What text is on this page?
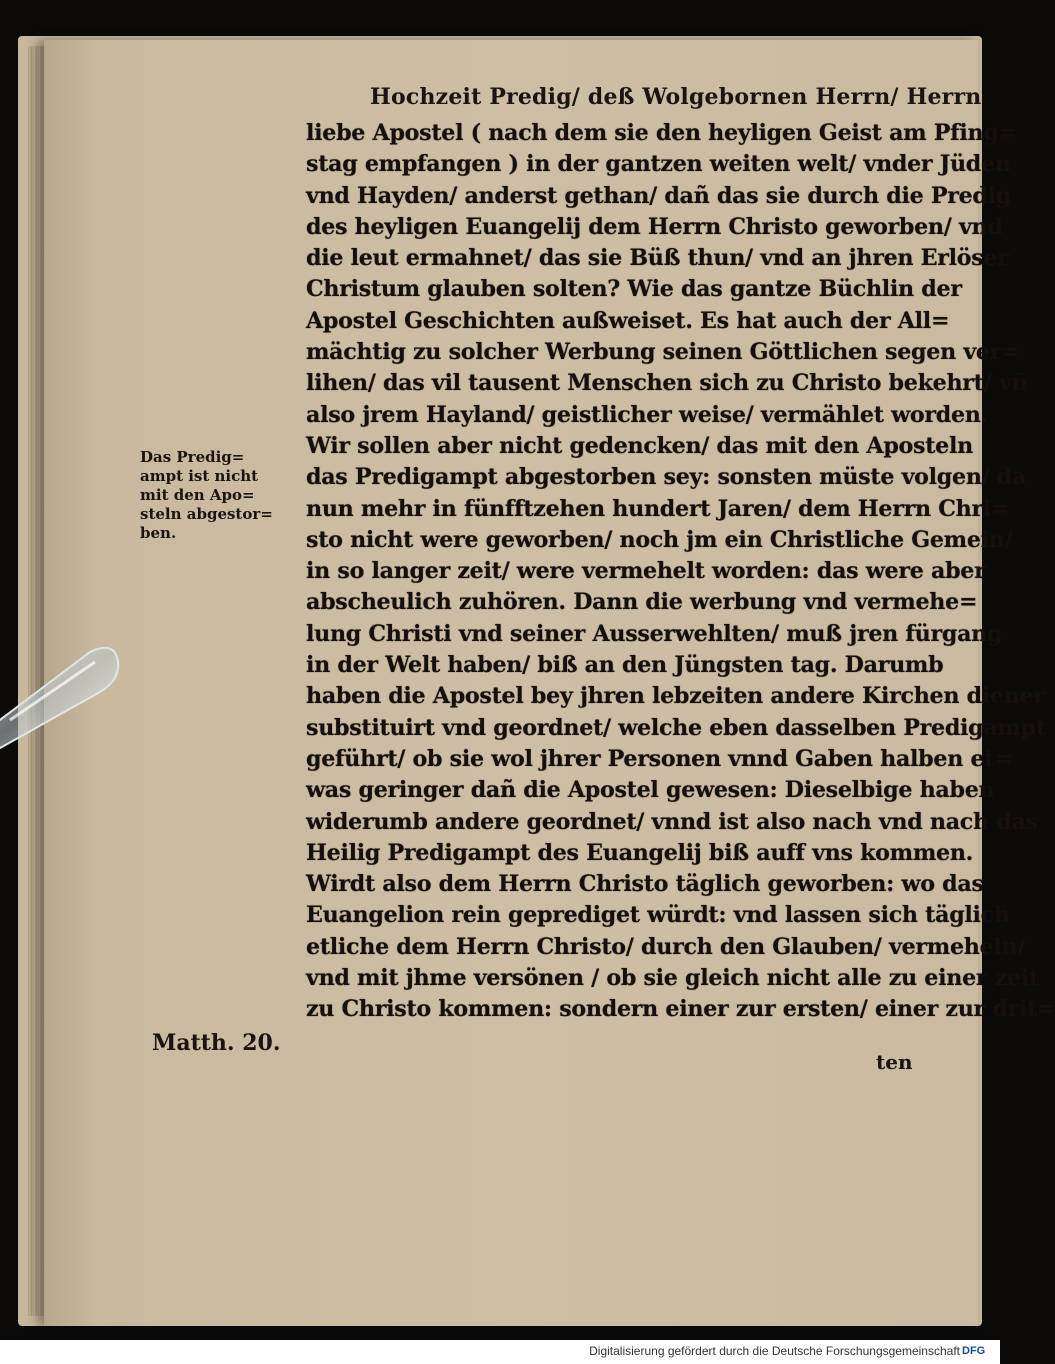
Hochzeit Predig/ deß Wolgebornen Herrn/ Herrn
liebe Apostel ( nach dem sie den heyligen Geist am Pfing=
stag empfangen ) in der gantzen weiten welt/ vnder Jüden
vnd Hayden/ anderst gethan/ dañ das sie durch die Predig
des heyligen Euangelij dem Herrn Christo geworben/ vnd
die leut ermahnet/ das sie Büß thun/ vnd an jhren Erlöser
Christum glauben solten? Wie das gantze Büchlin der
Apostel Geschichten außweiset. Es hat auch der All=
mächtig zu solcher Werbung seinen Göttlichen segen ver=
lihen/ das vil tausent Menschen sich zu Christo bekehrt/ vñ
also jrem Hayland/ geistlicher weise/ vermählet worden.
Wir sollen aber nicht gedencken/ das mit den Aposteln
das Predigampt abgestorben sey: sonsten müste volgen/ da
nun mehr in fünfftzehen hundert Jaren/ dem Herrn Chri=
sto nicht were geworben/ noch jm ein Christliche Gemein/
in so langer zeit/ were vermehelt worden: das were aber
abscheulich zuhören. Dann die werbung vnd vermehe=
lung Christi vnd seiner Ausserwehlten/ muß jren fürgang
in der Welt haben/ biß an den Jüngsten tag. Darumb
haben die Apostel bey jhren lebzeiten andere Kirchen diener
substituirt vnd geordnet/ welche eben dasselben Predigampt
geführt/ ob sie wol jhrer Personen vnnd Gaben halben et=
was geringer dañ die Apostel gewesen: Dieselbige haben
widerumb andere geordnet/ vnnd ist also nach vnd nach das
Heilig Predigampt des Euangelij biß auff vns kommen.
Wirdt also dem Herrn Christo täglich geworben: wo das
Euangelion rein geprediget würdt: vnd lassen sich täglich
etliche dem Herrn Christo/ durch den Glauben/ vermeheln/
vnd mit jhme versönen / ob sie gleich nicht alle zu einer zeit
zu Christo kommen: sondern einer zur ersten/ einer zur drit=
Das Predig=
ampt ist nicht
mit den Apo=
steln abgestor=
ben.
Matth. 20.
ten
Digitalisierung gefördert durch die Deutsche Forschungsgemeinschaft DFG
